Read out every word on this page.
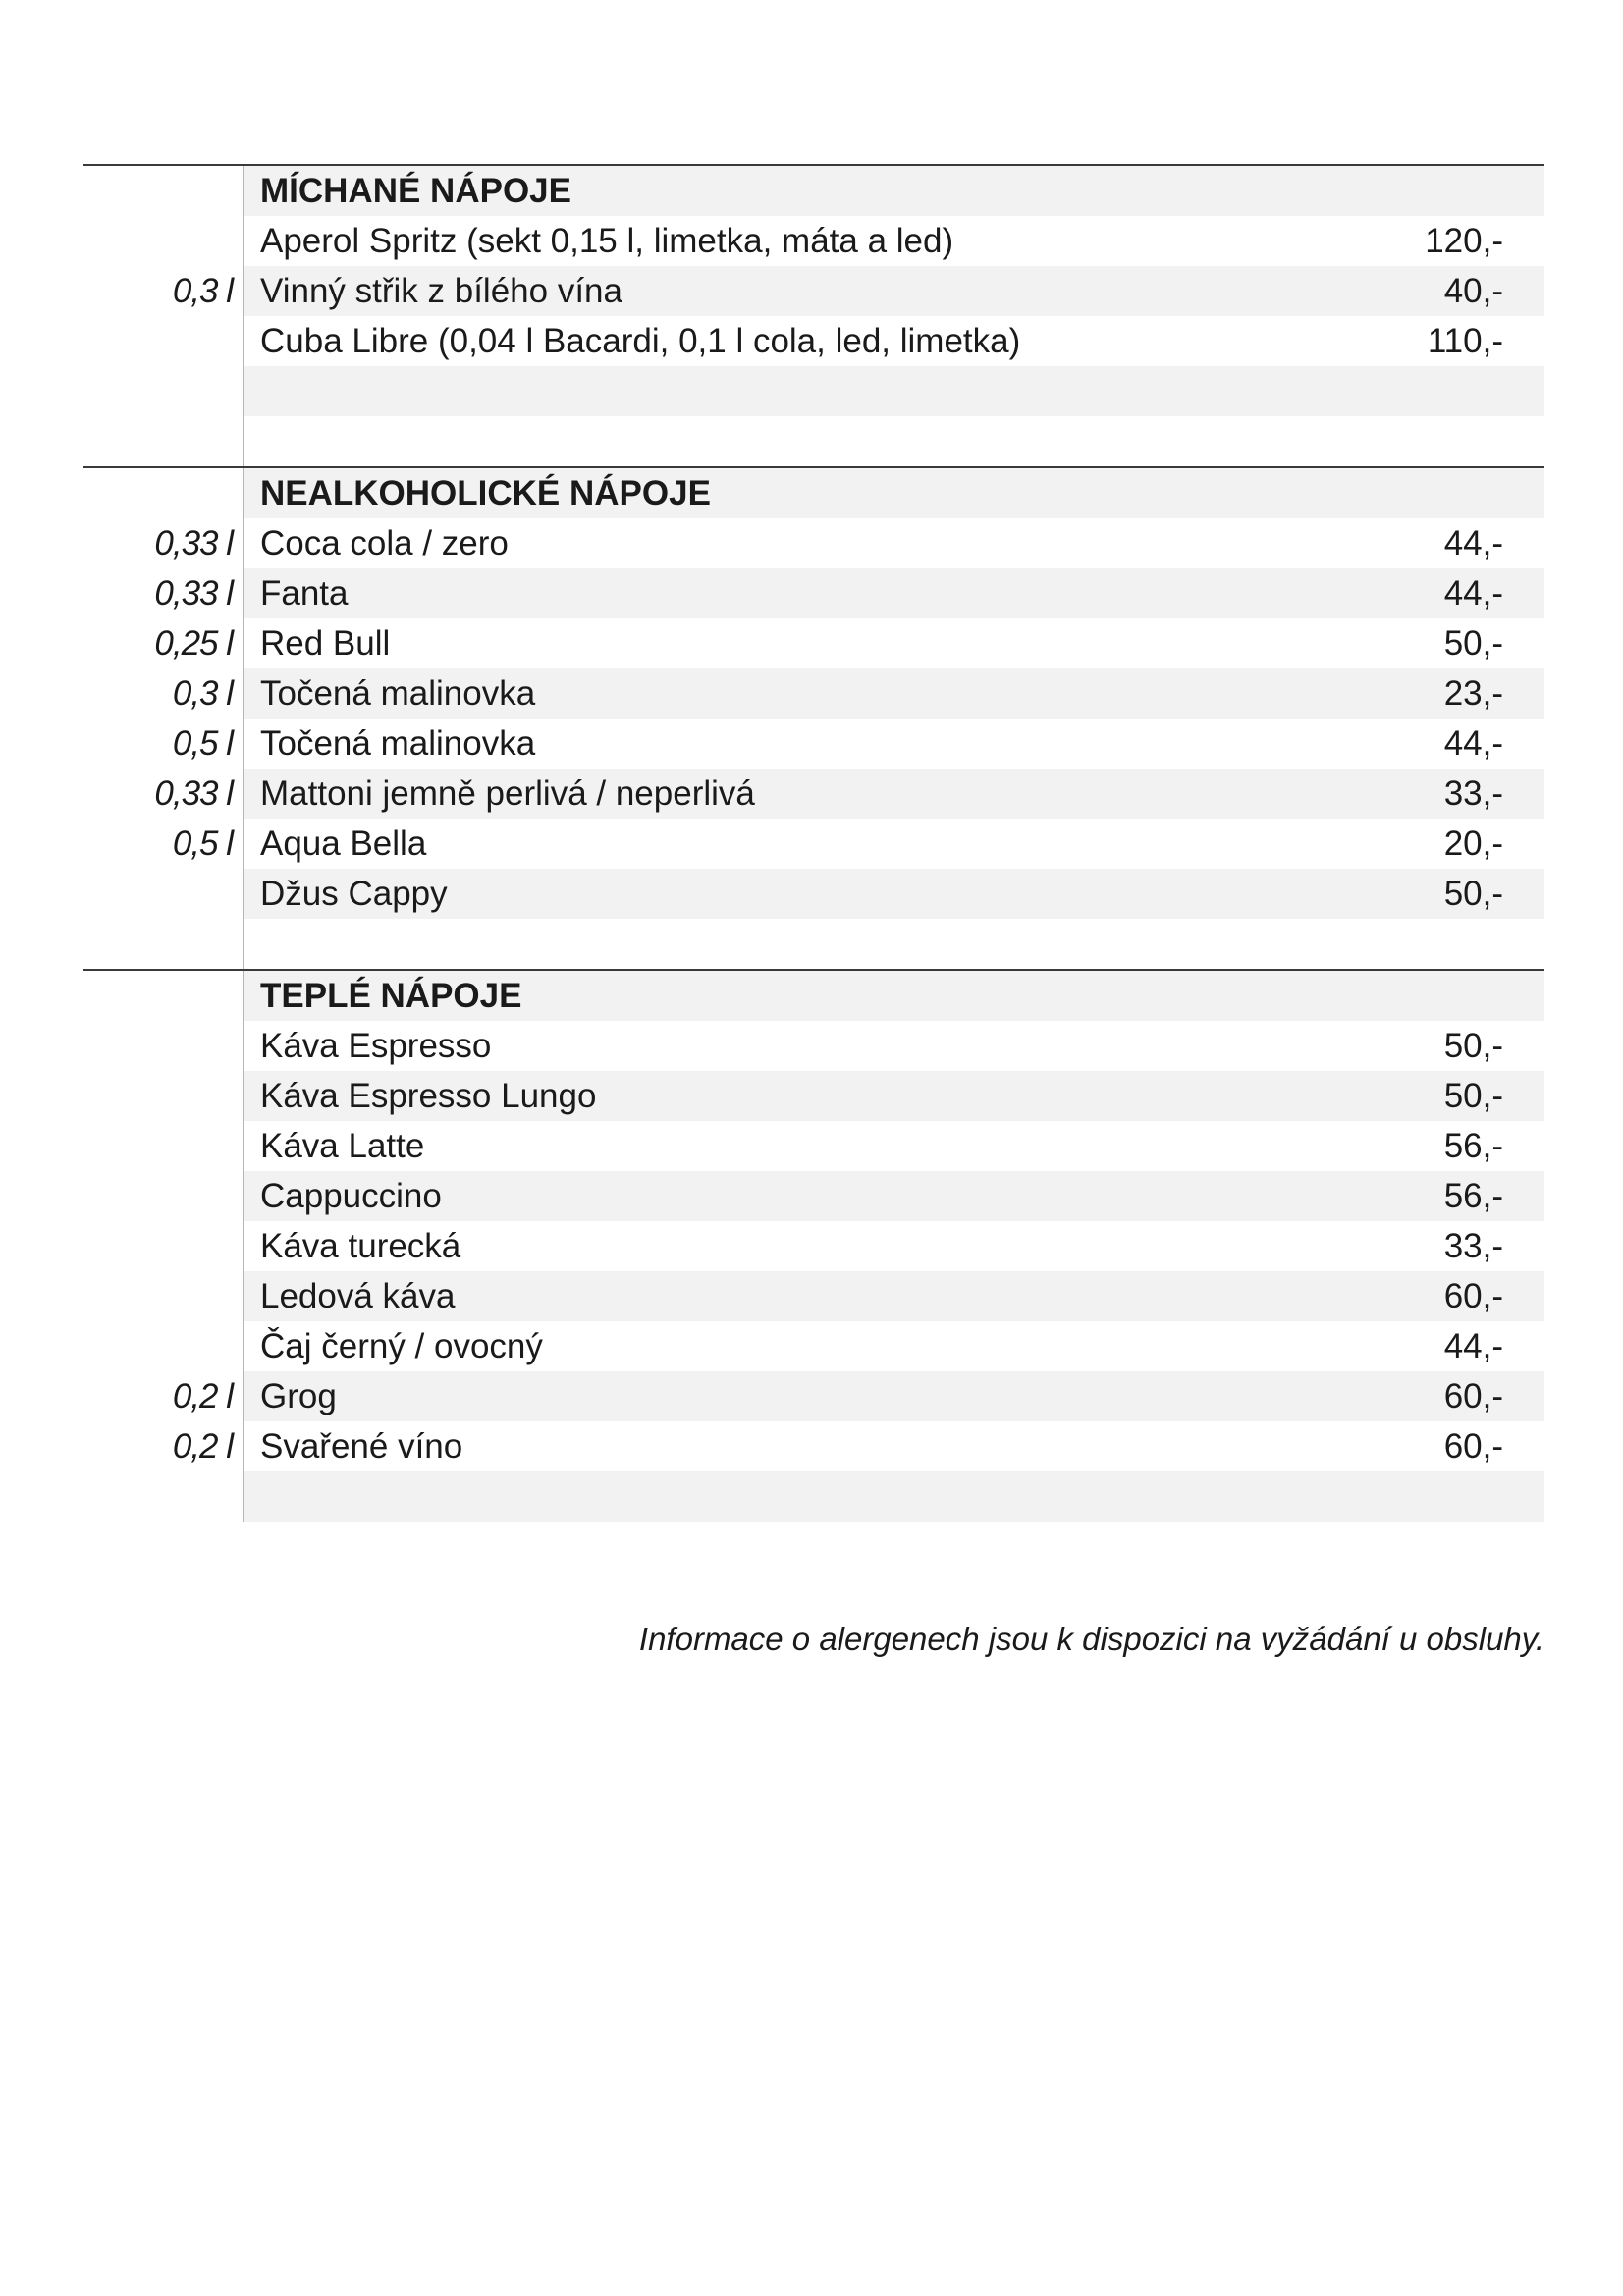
MÍCHANÉ NÁPOJE
Aperol Spritz (sekt 0,15 l, limetka, máta a led)	120,-
0,3 l Vinný střik z bílého vína	40,-
Cuba Libre (0,04 l Bacardi, 0,1 l cola, led, limetka)	110,-
NEALKOHOLICKÉ NÁPOJE
0,33 l Coca cola / zero	44,-
0,33 l Fanta	44,-
0,25 l Red Bull	50,-
0,3 l Točená malinovka	23,-
0,5 l Točená malinovka	44,-
0,33 l Mattoni jemně perlivá / neperlivá	33,-
0,5 l Aqua Bella	20,-
Džus Cappy	50,-
TEPLÉ NÁPOJE
Káva Espresso	50,-
Káva Espresso Lungo	50,-
Káva Latte	56,-
Cappuccino	56,-
Káva turecká	33,-
Ledová káva	60,-
Čaj černý / ovocný	44,-
0,2 l Grog	60,-
0,2 l Svařené víno	60,-
Informace o alergenech jsou k dispozici na vyžádání u obsluhy.
